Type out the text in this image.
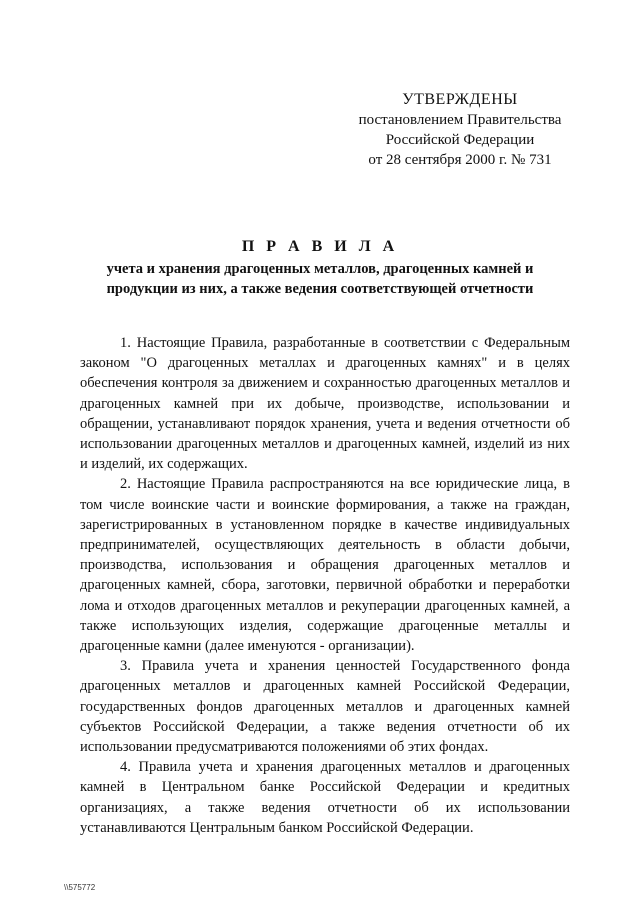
УТВЕРЖДЕНЫ
постановлением Правительства
Российской Федерации
от 28 сентября 2000 г. № 731
П Р А В И Л А
учета и хранения драгоценных металлов, драгоценных камней и
продукции из них, а также ведения соответствующей отчетности

1. Настоящие Правила, разработанные в соответствии с Федеральным законом "О драгоценных металлах и драгоценных камнях" и в целях обеспечения контроля за движением и сохранностью драгоценных металлов и драгоценных камней при их добыче, производстве, использовании и обращении, устанавливают порядок хранения, учета и ведения отчетности об использовании драгоценных металлов и драгоценных камней, изделий из них и изделий, их содержащих.

2. Настоящие Правила распространяются на все юридические лица, в том числе воинские части и воинские формирования, а также на граждан, зарегистрированных в установленном порядке в качестве индивидуальных предпринимателей, осуществляющих деятельность в области добычи, производства, использования и обращения драгоценных металлов и драгоценных камней, сбора, заготовки, первичной обработки и переработки лома и отходов драгоценных металлов и рекуперации драгоценных камней, а также использующих изделия, содержащие драгоценные металлы и драгоценные камни (далее именуются - организации).

3. Правила учета и хранения ценностей Государственного фонда драгоценных металлов и драгоценных камней Российской Федерации, государственных фондов драгоценных металлов и драгоценных камней субъектов Российской Федерации, а также ведения отчетности об их использовании предусматриваются положениями об этих фондах.

4. Правила учета и хранения драгоценных металлов и драгоценных камней в Центральном банке Российской Федерации и кредитных организациях, а также ведения отчетности об их использовании устанавливаются Центральным банком Российской Федерации.

\\575772
